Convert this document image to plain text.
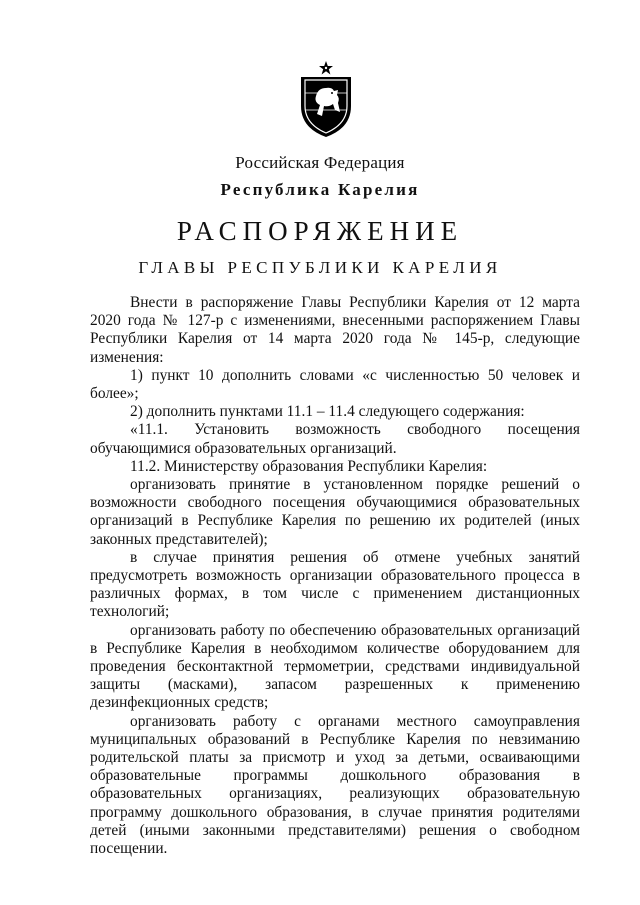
Российская Федерация
Республика Карелия
РАСПОРЯЖЕНИЕ
ГЛАВЫ РЕСПУБЛИКИ КАРЕЛИЯ

Внести в распоряжение Главы Республики Карелия от 12 марта 2020 года № 127-р с изменениями, внесенными распоряжением Главы Республики Карелия от 14 марта 2020 года № 145-р, следующие изменения:

1) пункт 10 дополнить словами «с численностью 50 человек и более»;

2) дополнить пунктами 11.1 – 11.4 следующего содержания:

«11.1. Установить возможность свободного посещения обучающимися образовательных организаций.

11.2. Министерству образования Республики Карелия:

организовать принятие в установленном порядке решений о возможности свободного посещения обучающимися образовательных организаций в Республике Карелия по решению их родителей (иных законных представителей);

в случае принятия решения об отмене учебных занятий предусмотреть возможность организации образовательного процесса в различных формах, в том числе с применением дистанционных технологий;

организовать работу по обеспечению образовательных организаций в Республике Карелия в необходимом количестве оборудованием для проведения бесконтактной термометрии, средствами индивидуальной защиты (масками), запасом разрешенных к применению дезинфекционных средств;

организовать работу с органами местного самоуправления муниципальных образований в Республике Карелия по невзиманию родительской платы за присмотр и уход за детьми, осваивающими образовательные программы дошкольного образования в образовательных организациях, реализующих образовательную программу дошкольного образования, в случае принятия родителями детей (иными законными представителями) решения о свободном посещении.
